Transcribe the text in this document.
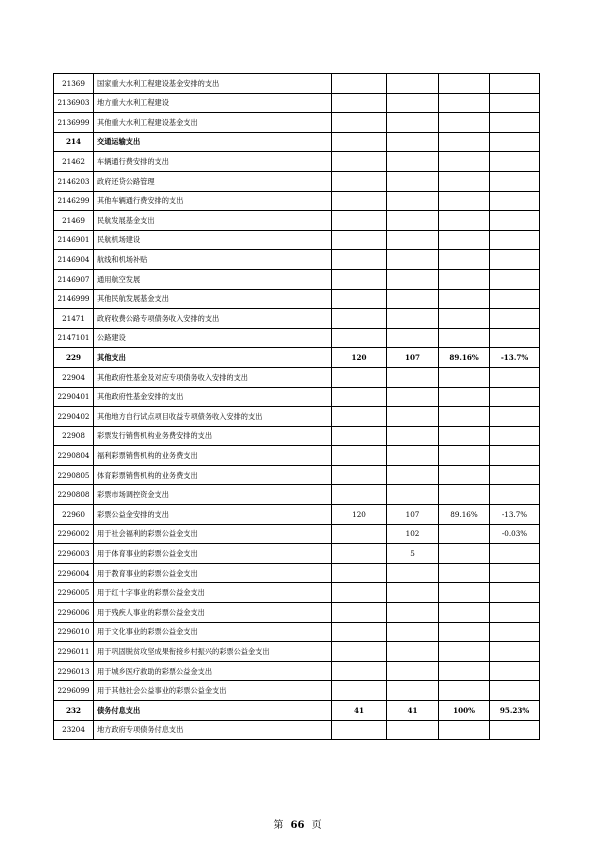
21369	国家重大水利工程建设基金安排的支出				
2136903	地方重大水利工程建设				
2136999	其他重大水利工程建设基金支出				
214	交通运输支出				
21462	车辆通行费安排的支出				
2146203	政府还贷公路管理				
2146299	其他车辆通行费安排的支出				
21469	民航发展基金支出				
2146901	民航机场建设				
2146904	航线和机场补贴				
2146907	通用航空发展				
2146999	其他民航发展基金支出				
21471	政府收费公路专项债务收入安排的支出				
2147101	公路建设				
229	其他支出	120	107	89.16%	-13.7%
22904	其他政府性基金及对应专项债务收入安排的支出				
2290401	其他政府性基金安排的支出				
2290402	其他地方自行试点项目收益专项债务收入安排的支出				
22908	彩票发行销售机构业务费安排的支出				
2290804	福利彩票销售机构的业务费支出				
2290805	体育彩票销售机构的业务费支出				
2290808	彩票市场调控资金支出				
22960	彩票公益金安排的支出	120	107	89.16%	-13.7%
2296002	用于社会福利的彩票公益金支出		102		-0.03%
2296003	用于体育事业的彩票公益金支出		5		
2296004	用于教育事业的彩票公益金支出				
2296005	用于红十字事业的彩票公益金支出				
2296006	用于残疾人事业的彩票公益金支出				
2296010	用于文化事业的彩票公益金支出				
2296011	用于巩固脱贫攻坚成果衔接乡村振兴的彩票公益金支出				
2296013	用于城乡医疗救助的彩票公益金支出				
2296099	用于其他社会公益事业的彩票公益金支出				
232	债务付息支出	41	41	100%	95.23%
23204	地方政府专项债务付息支出				
第 66 页
